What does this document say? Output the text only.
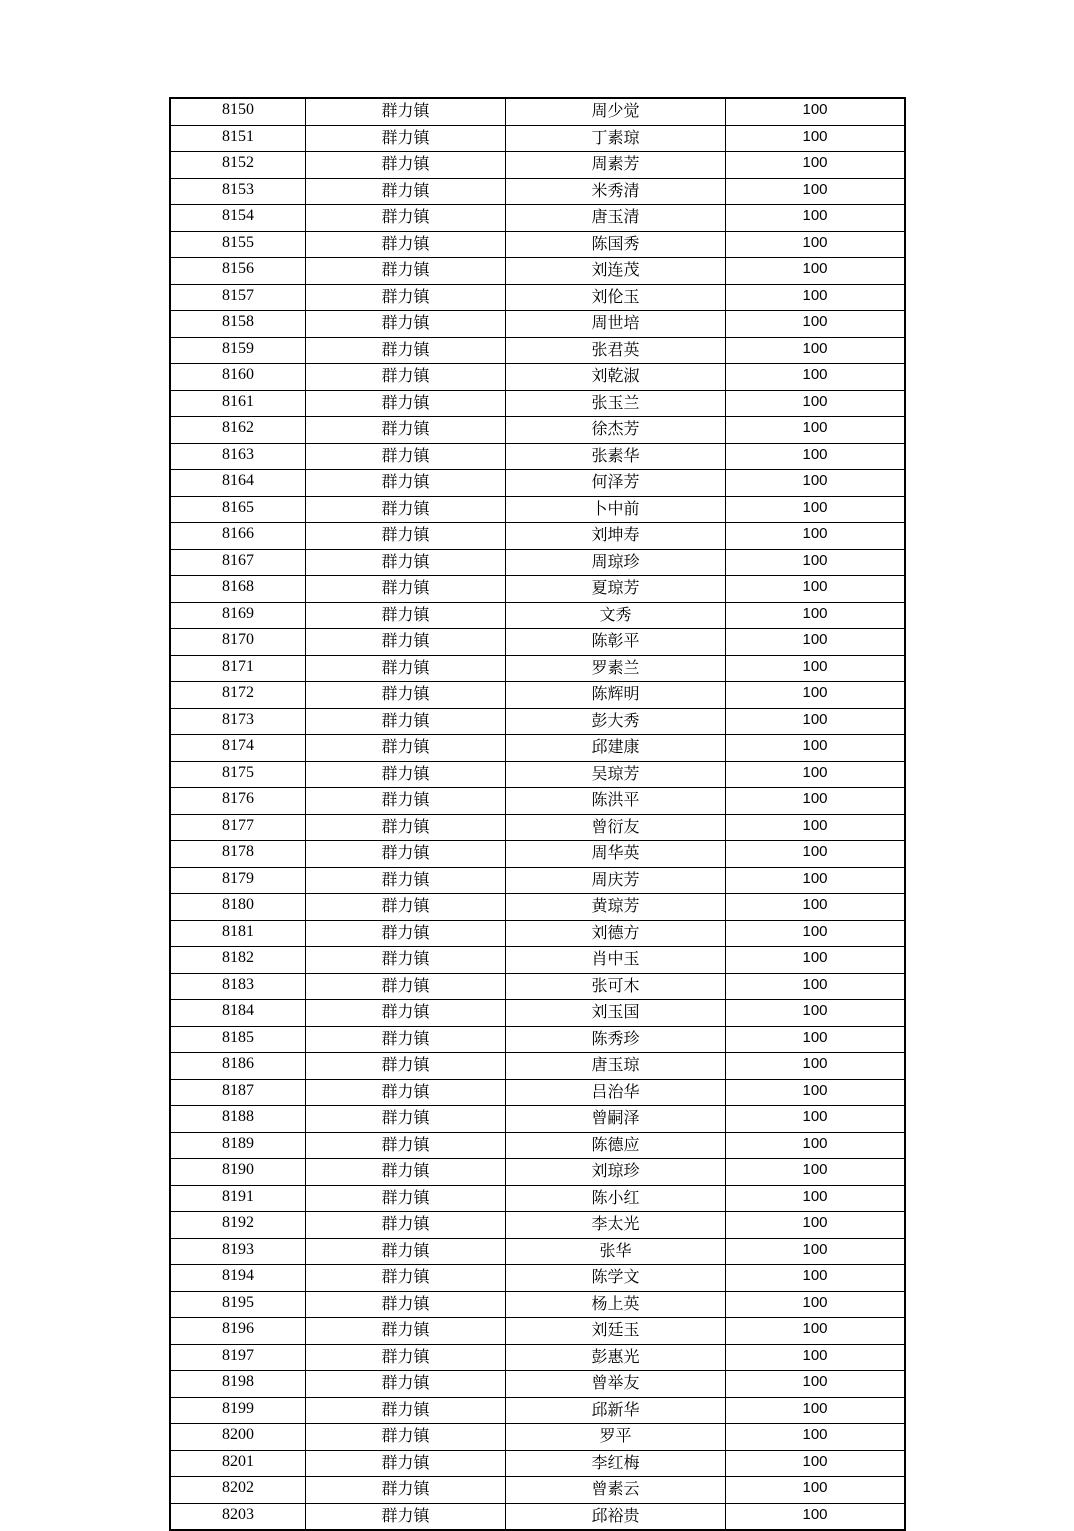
8150	群力镇	周少觉	100
8151	群力镇	丁素琼	100
8152	群力镇	周素芳	100
8153	群力镇	米秀清	100
8154	群力镇	唐玉清	100
8155	群力镇	陈国秀	100
8156	群力镇	刘连茂	100
8157	群力镇	刘伦玉	100
8158	群力镇	周世培	100
8159	群力镇	张君英	100
8160	群力镇	刘乾淑	100
8161	群力镇	张玉兰	100
8162	群力镇	徐杰芳	100
8163	群力镇	张素华	100
8164	群力镇	何泽芳	100
8165	群力镇	卜中前	100
8166	群力镇	刘坤寿	100
8167	群力镇	周琼珍	100
8168	群力镇	夏琼芳	100
8169	群力镇	文秀	100
8170	群力镇	陈彰平	100
8171	群力镇	罗素兰	100
8172	群力镇	陈辉明	100
8173	群力镇	彭大秀	100
8174	群力镇	邱建康	100
8175	群力镇	吴琼芳	100
8176	群力镇	陈洪平	100
8177	群力镇	曾衍友	100
8178	群力镇	周华英	100
8179	群力镇	周庆芳	100
8180	群力镇	黄琼芳	100
8181	群力镇	刘德方	100
8182	群力镇	肖中玉	100
8183	群力镇	张可木	100
8184	群力镇	刘玉国	100
8185	群力镇	陈秀珍	100
8186	群力镇	唐玉琼	100
8187	群力镇	吕治华	100
8188	群力镇	曾嗣泽	100
8189	群力镇	陈德应	100
8190	群力镇	刘琼珍	100
8191	群力镇	陈小红	100
8192	群力镇	李太光	100
8193	群力镇	张华	100
8194	群力镇	陈学文	100
8195	群力镇	杨上英	100
8196	群力镇	刘廷玉	100
8197	群力镇	彭惠光	100
8198	群力镇	曾举友	100
8199	群力镇	邱新华	100
8200	群力镇	罗平	100
8201	群力镇	李红梅	100
8202	群力镇	曾素云	100
8203	群力镇	邱裕贵	100
